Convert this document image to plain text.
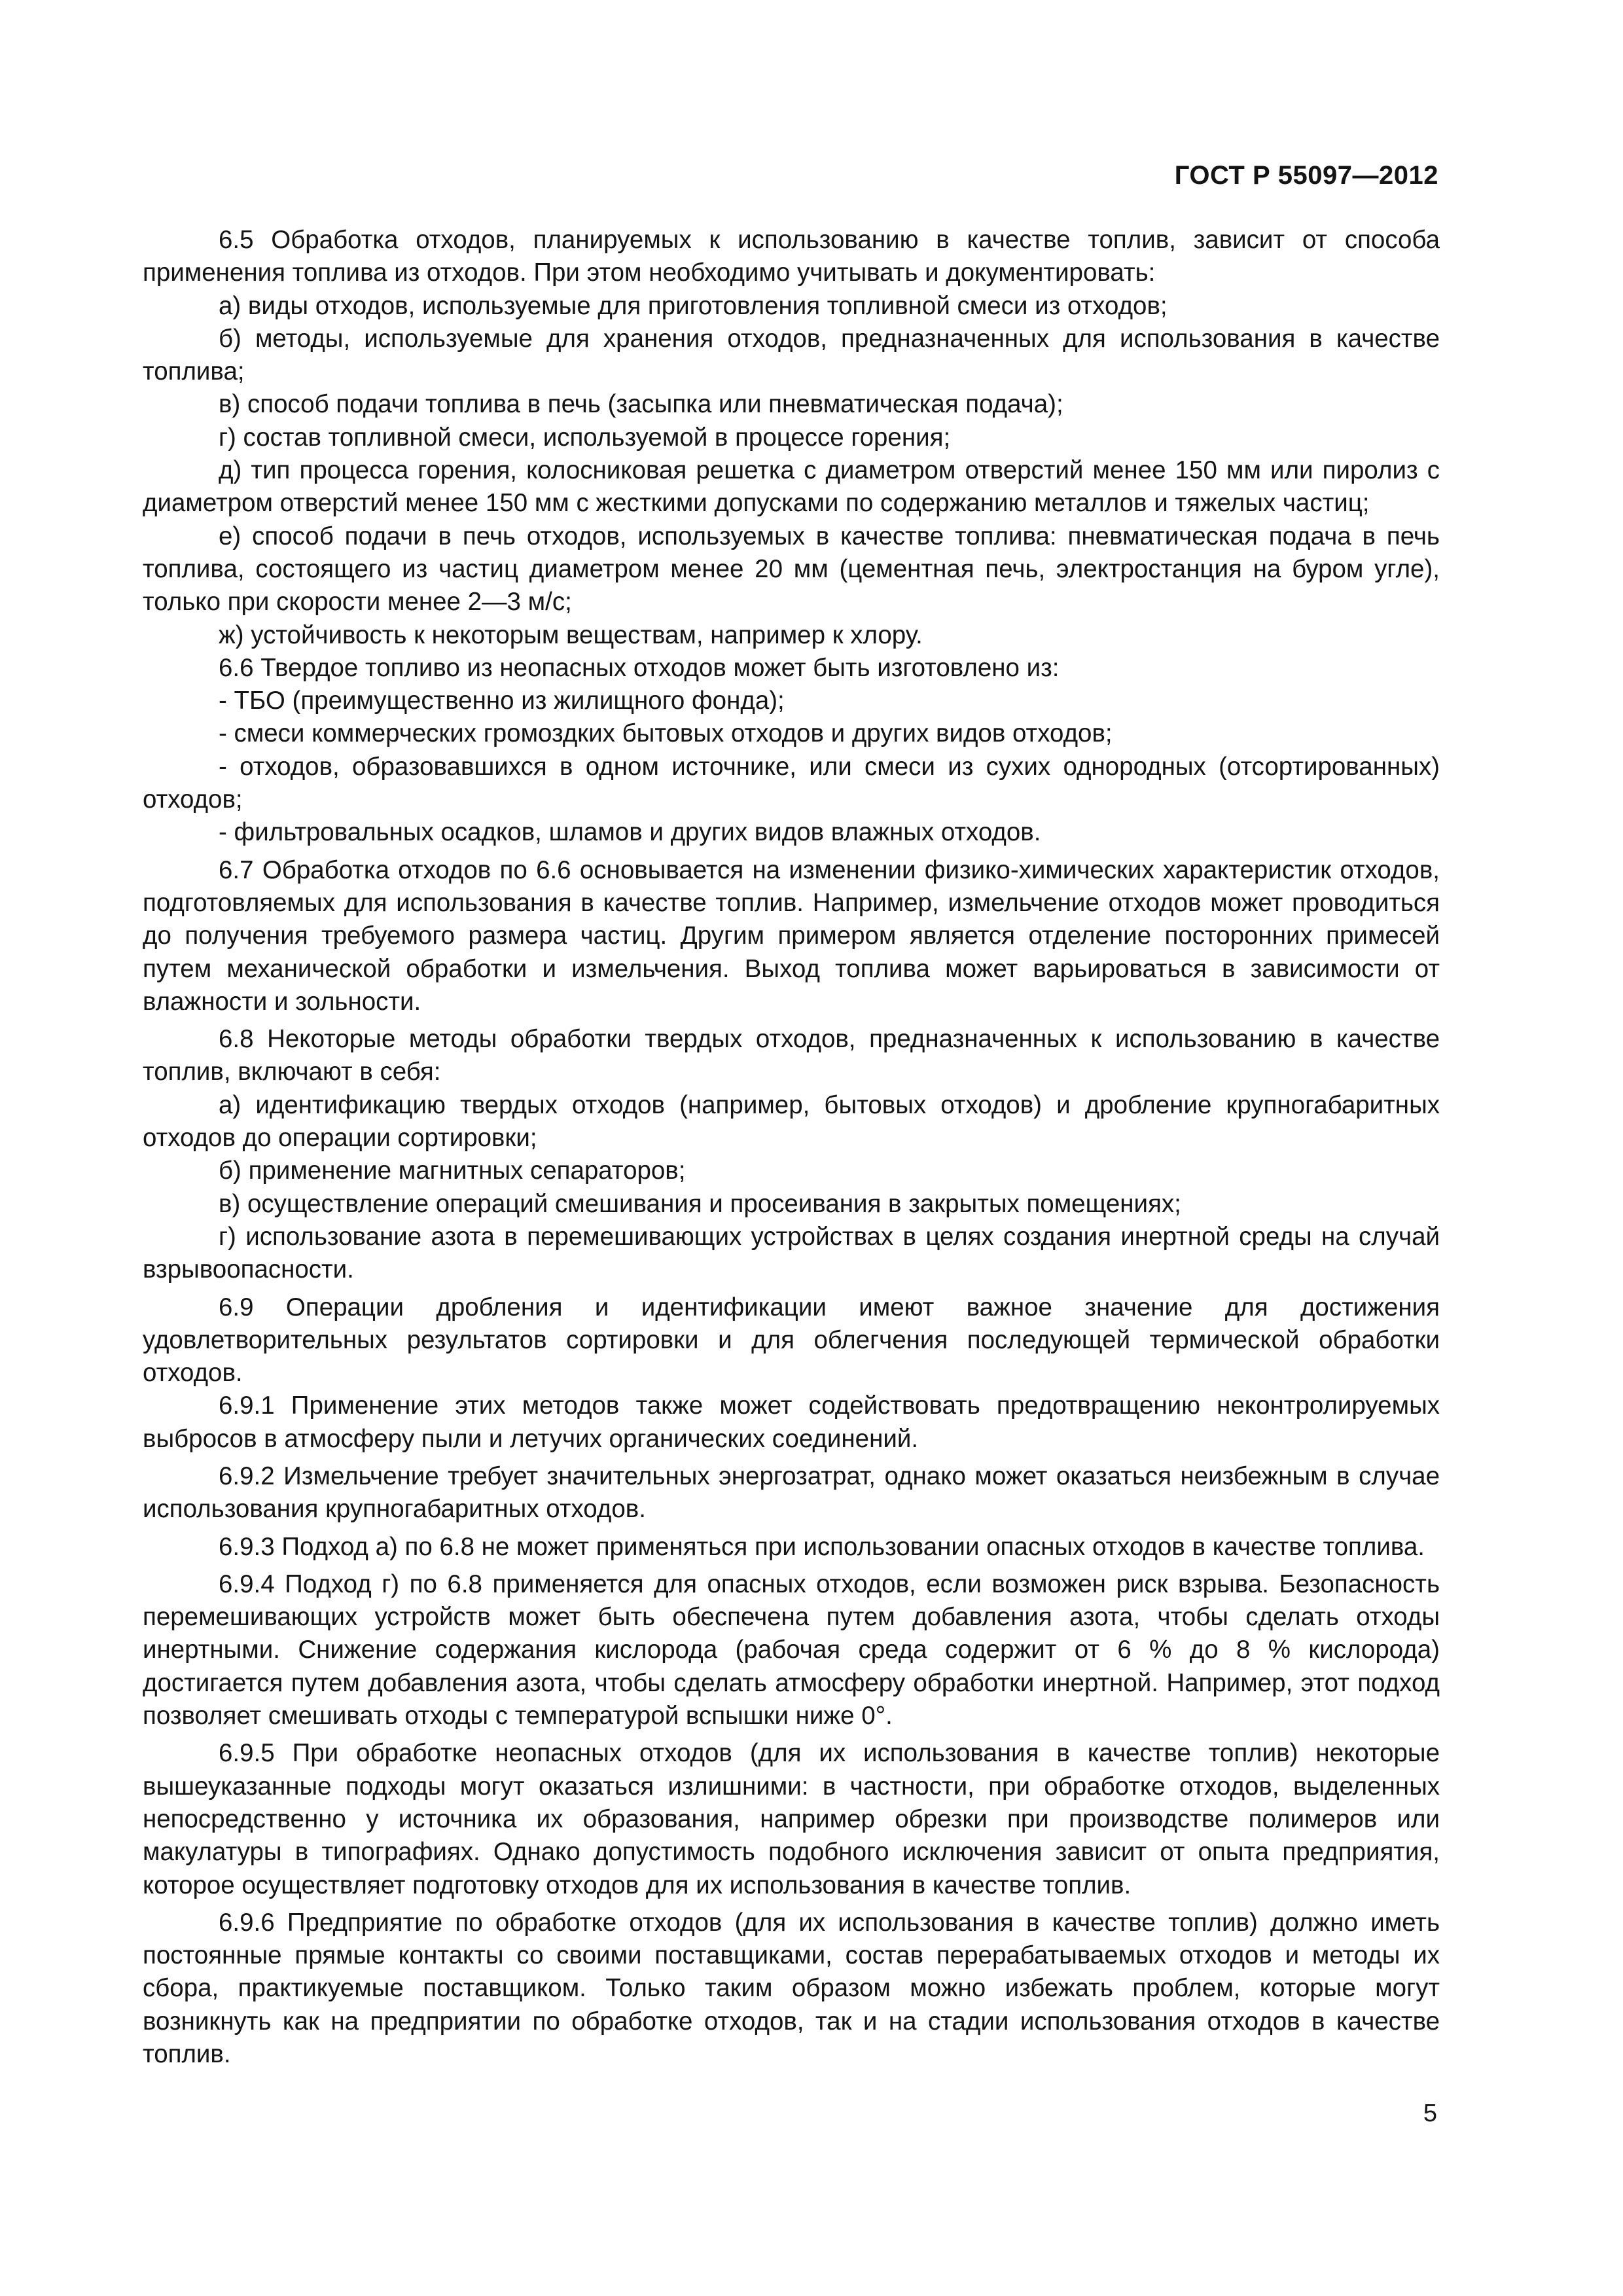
ГОСТ Р 55097—2012

6.5 Обработка отходов, планируемых к использованию в качестве топлив, зависит от способа применения топлива из отходов. При этом необходимо учитывать и документировать:

а) виды отходов, используемые для приготовления топливной смеси из отходов;

б) методы, используемые для хранения отходов, предназначенных для использования в качестве топлива;

в) способ подачи топлива в печь (засыпка или пневматическая подача);

г) состав топливной смеси, используемой в процессе горения;

д) тип процесса горения, колосниковая решетка с диаметром отверстий менее 150 мм или пиролиз с диаметром отверстий менее 150 мм с жесткими допусками по содержанию металлов и тяжелых частиц;

е) способ подачи в печь отходов, используемых в качестве топлива: пневматическая подача в печь топлива, состоящего из частиц диаметром менее 20 мм (цементная печь, электростанция на буром угле), только при скорости менее 2—3 м/с;

ж) устойчивость к некоторым веществам, например к хлору.

6.6 Твердое топливо из неопасных отходов может быть изготовлено из:

- ТБО (преимущественно из жилищного фонда);

- смеси коммерческих громоздких бытовых отходов и других видов отходов;

- отходов, образовавшихся в одном источнике, или смеси из сухих однородных (отсортированных) отходов;

- фильтровальных осадков, шламов и других видов влажных отходов.

6.7 Обработка отходов по 6.6 основывается на изменении физико-химических характеристик отходов, подготовляемых для использования в качестве топлив. Например, измельчение отходов может проводиться до получения требуемого размера частиц. Другим примером является отделение посторонних примесей путем механической обработки и измельчения. Выход топлива может варьироваться в зависимости от влажности и зольности.

6.8 Некоторые методы обработки твердых отходов, предназначенных к использованию в качестве топлив, включают в себя:

а) идентификацию твердых отходов (например, бытовых отходов) и дробление крупногабаритных отходов до операции сортировки;

б) применение магнитных сепараторов;

в) осуществление операций смешивания и просеивания в закрытых помещениях;

г) использование азота в перемешивающих устройствах в целях создания инертной среды на случай взрывоопасности.

6.9 Операции дробления и идентификации имеют важное значение для достижения удовлетворительных результатов сортировки и для облегчения последующей термической обработки отходов.

6.9.1 Применение этих методов также может содействовать предотвращению неконтролируемых выбросов в атмосферу пыли и летучих органических соединений.

6.9.2 Измельчение требует значительных энергозатрат, однако может оказаться неизбежным в случае использования крупногабаритных отходов.

6.9.3 Подход а) по 6.8 не может применяться при использовании опасных отходов в качестве топлива.

6.9.4 Подход г) по 6.8 применяется для опасных отходов, если возможен риск взрыва. Безопасность перемешивающих устройств может быть обеспечена путем добавления азота, чтобы сделать отходы инертными. Снижение содержания кислорода (рабочая среда содержит от 6 % до 8 % кислорода) достигается путем добавления азота, чтобы сделать атмосферу обработки инертной. Например, этот подход позволяет смешивать отходы с температурой вспышки ниже 0°.

6.9.5 При обработке неопасных отходов (для их использования в качестве топлив) некоторые вышеуказанные подходы могут оказаться излишними: в частности, при обработке отходов, выделенных непосредственно у источника их образования, например обрезки при производстве полимеров или макулатуры в типографиях. Однако допустимость подобного исключения зависит от опыта предприятия, которое осуществляет подготовку отходов для их использования в качестве топлив.

6.9.6 Предприятие по обработке отходов (для их использования в качестве топлив) должно иметь постоянные прямые контакты со своими поставщиками, состав перерабатываемых отходов и методы их сбора, практикуемые поставщиком. Только таким образом можно избежать проблем, которые могут возникнуть как на предприятии по обработке отходов, так и на стадии использования отходов в качестве топлив.

5
